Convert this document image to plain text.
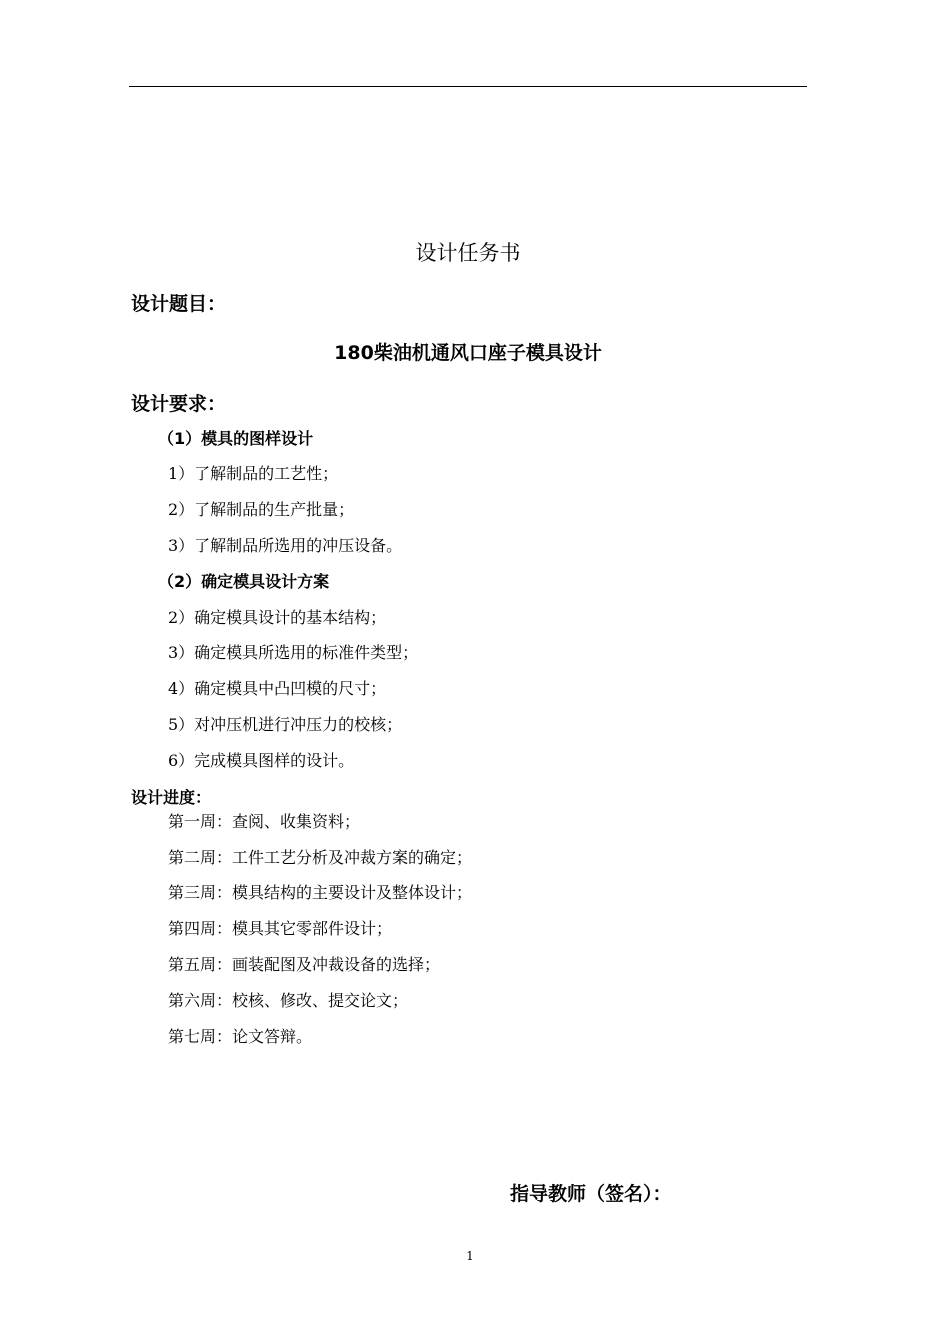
设计任务书
设计题目：
180柴油机通风口座子模具设计
设计要求：
（1）模具的图样设计
1）了解制品的工艺性；
2）了解制品的生产批量；
3）了解制品所选用的冲压设备。
（2）确定模具设计方案
2）确定模具设计的基本结构；
3）确定模具所选用的标准件类型；
4）确定模具中凸凹模的尺寸；
5）对冲压机进行冲压力的校核；
6）完成模具图样的设计。
设计进度：
第一周：查阅、收集资料；
第二周：工件工艺分析及冲裁方案的确定；
第三周：模具结构的主要设计及整体设计；
第四周：模具其它零部件设计；
第五周：画装配图及冲裁设备的选择；
第六周：校核、修改、提交论文；
第七周：论文答辩。
指导教师（签名）：
1
